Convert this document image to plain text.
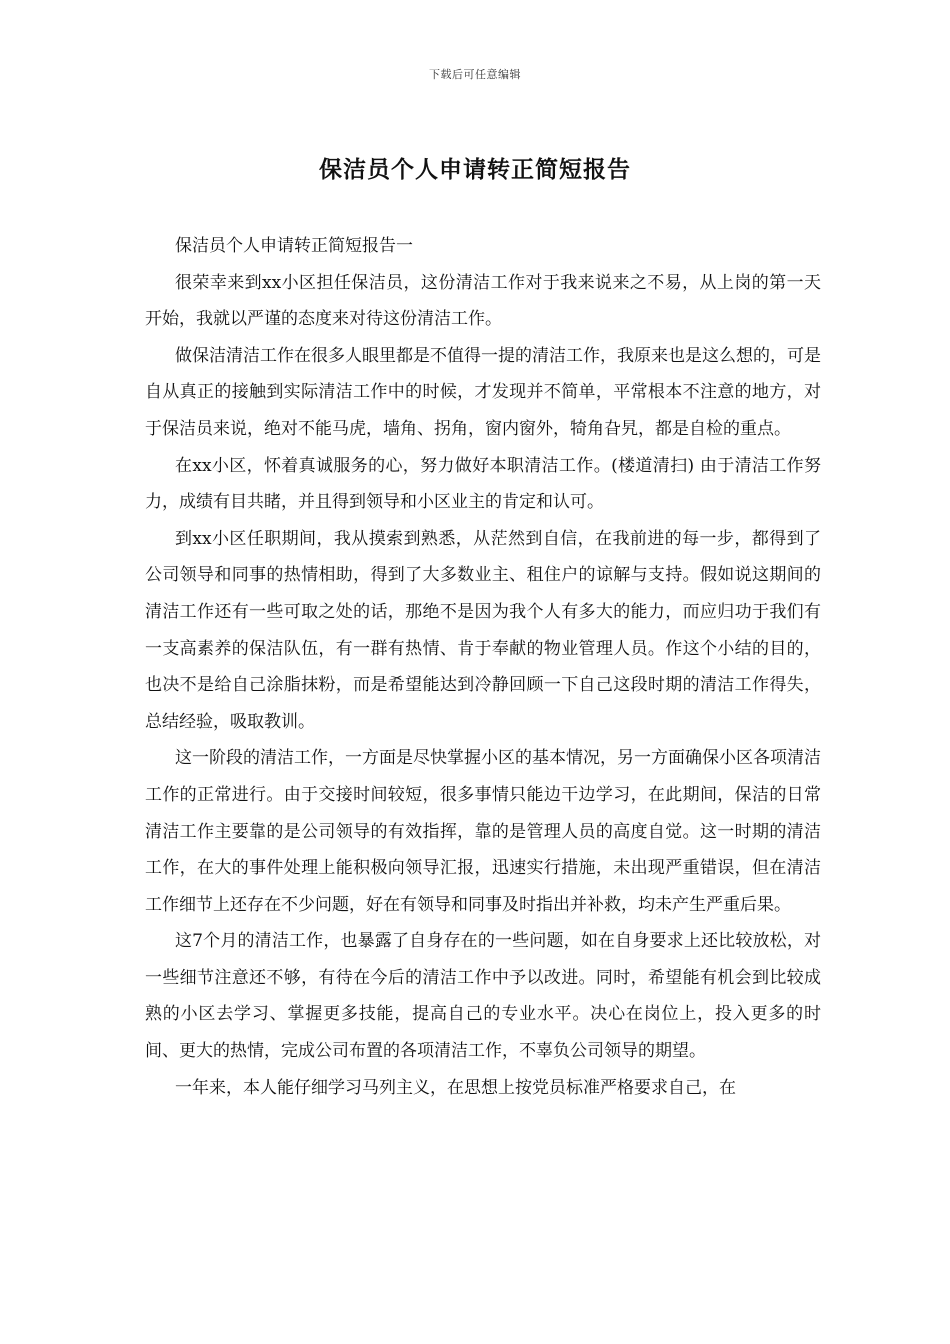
下载后可任意编辑
保洁员个人申请转正简短报告

保洁员个人申请转正简短报告一

很荣幸来到xx小区担任保洁员，这份清洁工作对于我来说来之不易，从上岗的第一天开始，我就以严谨的态度来对待这份清洁工作。

做保洁清洁工作在很多人眼里都是不值得一提的清洁工作，我原来也是这么想的，可是自从真正的接触到实际清洁工作中的时候，才发现并不简单，平常根本不注意的地方，对于保洁员来说，绝对不能马虎，墙角、拐角，窗内窗外，犄角旮旯，都是自检的重点。

在xx小区，怀着真诚服务的心，努力做好本职清洁工作。(楼道清扫) 由于清洁工作努力，成绩有目共睹，并且得到领导和小区业主的肯定和认可。

到xx小区任职期间，我从摸索到熟悉，从茫然到自信，在我前进的每一步，都得到了公司领导和同事的热情相助，得到了大多数业主、租住户的谅解与支持。假如说这期间的清洁工作还有一些可取之处的话，那绝不是因为我个人有多大的能力，而应归功于我们有一支高素养的保洁队伍，有一群有热情、肯于奉献的物业管理人员。作这个小结的目的，也决不是给自己涂脂抹粉，而是希望能达到冷静回顾一下自己这段时期的清洁工作得失，总结经验，吸取教训。

这一阶段的清洁工作，一方面是尽快掌握小区的基本情况，另一方面确保小区各项清洁工作的正常进行。由于交接时间较短，很多事情只能边干边学习，在此期间，保洁的日常清洁工作主要靠的是公司领导的有效指挥，靠的是管理人员的高度自觉。这一时期的清洁工作，在大的事件处理上能积极向领导汇报，迅速实行措施，未出现严重错误，但在清洁工作细节上还存在不少问题，好在有领导和同事及时指出并补救，均未产生严重后果。

这7个月的清洁工作，也暴露了自身存在的一些问题，如在自身要求上还比较放松，对一些细节注意还不够，有待在今后的清洁工作中予以改进。同时，希望能有机会到比较成熟的小区去学习、掌握更多技能，提高自己的专业水平。决心在岗位上，投入更多的时间、更大的热情，完成公司布置的各项清洁工作，不辜负公司领导的期望。

一年来，本人能仔细学习马列主义，在思想上按党员标准严格要求自己，在
